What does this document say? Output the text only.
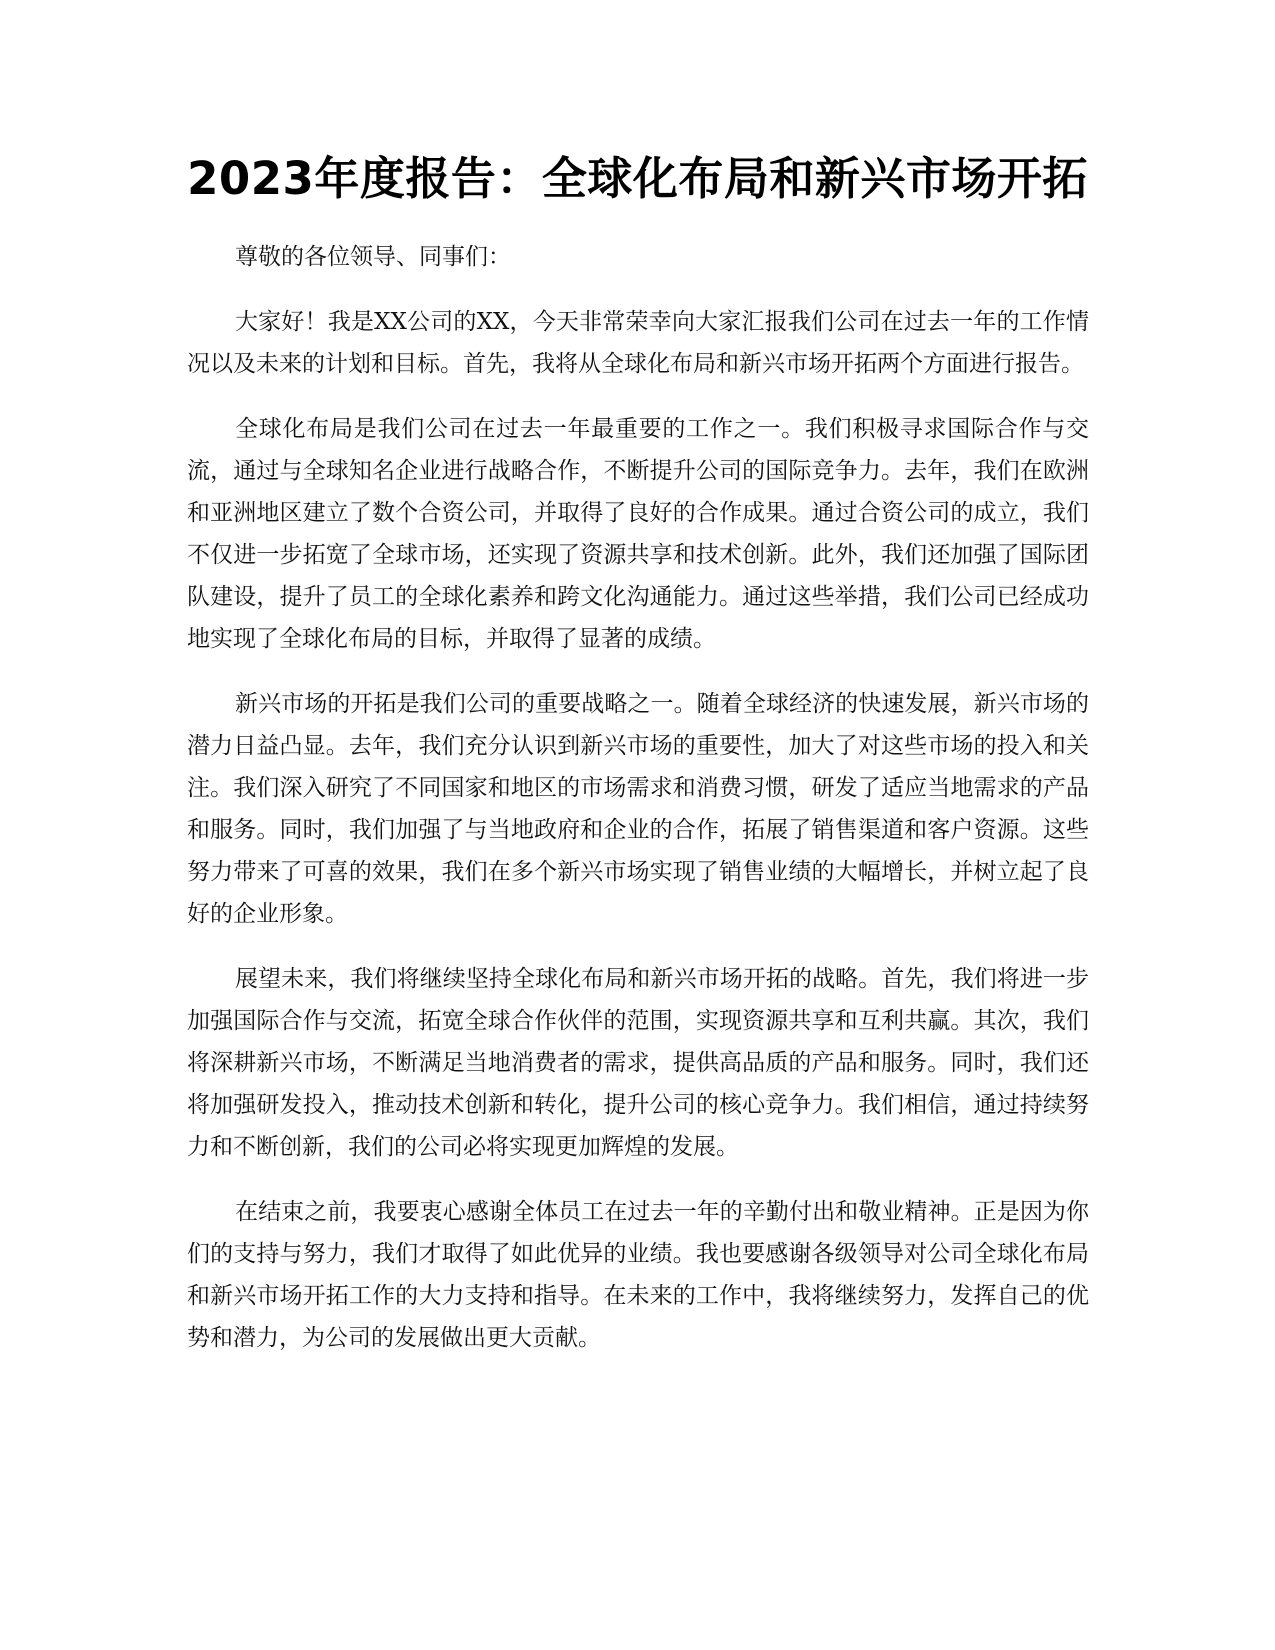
2023年度报告：全球化布局和新兴市场开拓

尊敬的各位领导、同事们：

大家好！我是XX公司的XX，今天非常荣幸向大家汇报我们公司在过去一年的工作情况以及未来的计划和目标。首先，我将从全球化布局和新兴市场开拓两个方面进行报告。

全球化布局是我们公司在过去一年最重要的工作之一。我们积极寻求国际合作与交流，通过与全球知名企业进行战略合作，不断提升公司的国际竞争力。去年，我们在欧洲和亚洲地区建立了数个合资公司，并取得了良好的合作成果。通过合资公司的成立，我们不仅进一步拓宽了全球市场，还实现了资源共享和技术创新。此外，我们还加强了国际团队建设，提升了员工的全球化素养和跨文化沟通能力。通过这些举措，我们公司已经成功地实现了全球化布局的目标，并取得了显著的成绩。

新兴市场的开拓是我们公司的重要战略之一。随着全球经济的快速发展，新兴市场的潜力日益凸显。去年，我们充分认识到新兴市场的重要性，加大了对这些市场的投入和关注。我们深入研究了不同国家和地区的市场需求和消费习惯，研发了适应当地需求的产品和服务。同时，我们加强了与当地政府和企业的合作，拓展了销售渠道和客户资源。这些努力带来了可喜的效果，我们在多个新兴市场实现了销售业绩的大幅增长，并树立起了良好的企业形象。

展望未来，我们将继续坚持全球化布局和新兴市场开拓的战略。首先，我们将进一步加强国际合作与交流，拓宽全球合作伙伴的范围，实现资源共享和互利共赢。其次，我们将深耕新兴市场，不断满足当地消费者的需求，提供高品质的产品和服务。同时，我们还将加强研发投入，推动技术创新和转化，提升公司的核心竞争力。我们相信，通过持续努力和不断创新，我们的公司必将实现更加辉煌的发展。

在结束之前，我要衷心感谢全体员工在过去一年的辛勤付出和敬业精神。正是因为你们的支持与努力，我们才取得了如此优异的业绩。我也要感谢各级领导对公司全球化布局和新兴市场开拓工作的大力支持和指导。在未来的工作中，我将继续努力，发挥自己的优势和潜力，为公司的发展做出更大贡献。
